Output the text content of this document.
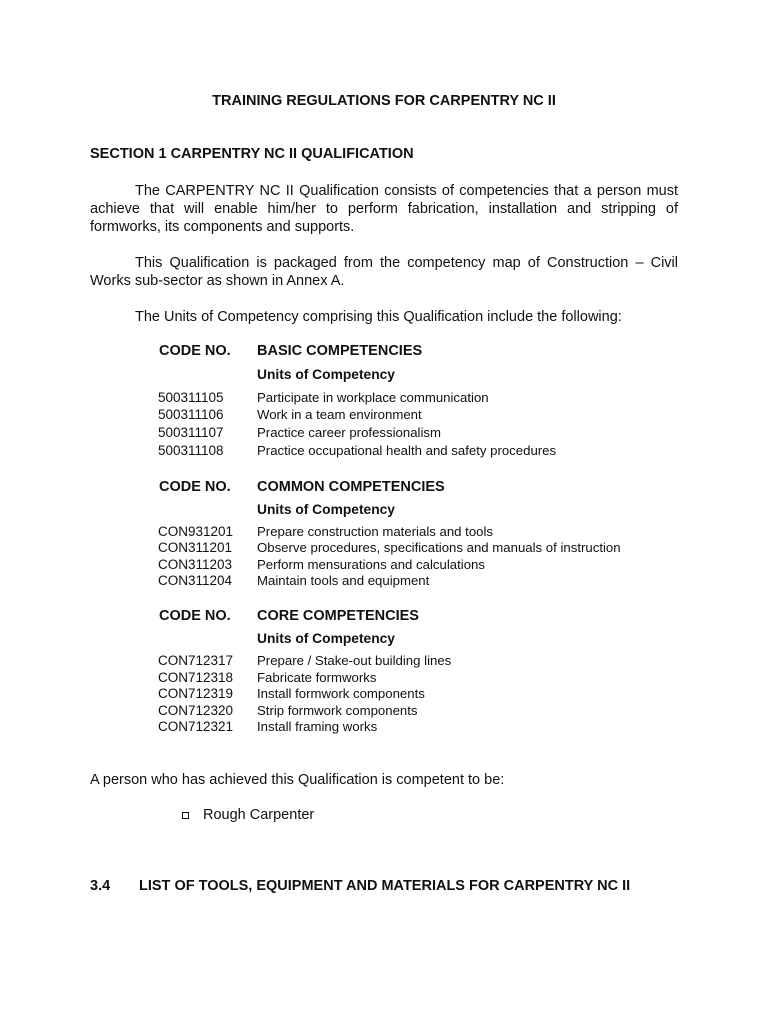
TRAINING REGULATIONS FOR CARPENTRY NC II
SECTION 1 CARPENTRY NC II QUALIFICATION
The CARPENTRY NC II Qualification consists of competencies that a person must achieve that will enable him/her to perform fabrication, installation and stripping of formworks, its components and supports.
This Qualification is packaged from the competency map of Construction – Civil Works sub-sector as shown in Annex A.
The Units of Competency comprising this Qualification include the following:
CODE NO. BASIC COMPETENCIES
Units of Competency
500311105	Participate in workplace communication
500311106	Work in a team environment
500311107	Practice career professionalism
500311108	Practice occupational health and safety procedures
CODE NO. COMMON COMPETENCIES
Units of Competency
CON931201 Prepare construction materials and tools
CON311201 Observe procedures, specifications and manuals of instruction
CON311203 Perform mensurations and calculations
CON311204 Maintain tools and equipment
CODE NO. CORE COMPETENCIES
Units of Competency
CON712317 Prepare / Stake-out building lines
CON712318 Fabricate formworks
CON712319 Install formwork components
CON712320 Strip formwork components
CON712321 Install framing works
A person who has achieved this Qualification is competent to be:
Rough Carpenter
3.4 LIST OF TOOLS, EQUIPMENT AND MATERIALS FOR CARPENTRY NC II
